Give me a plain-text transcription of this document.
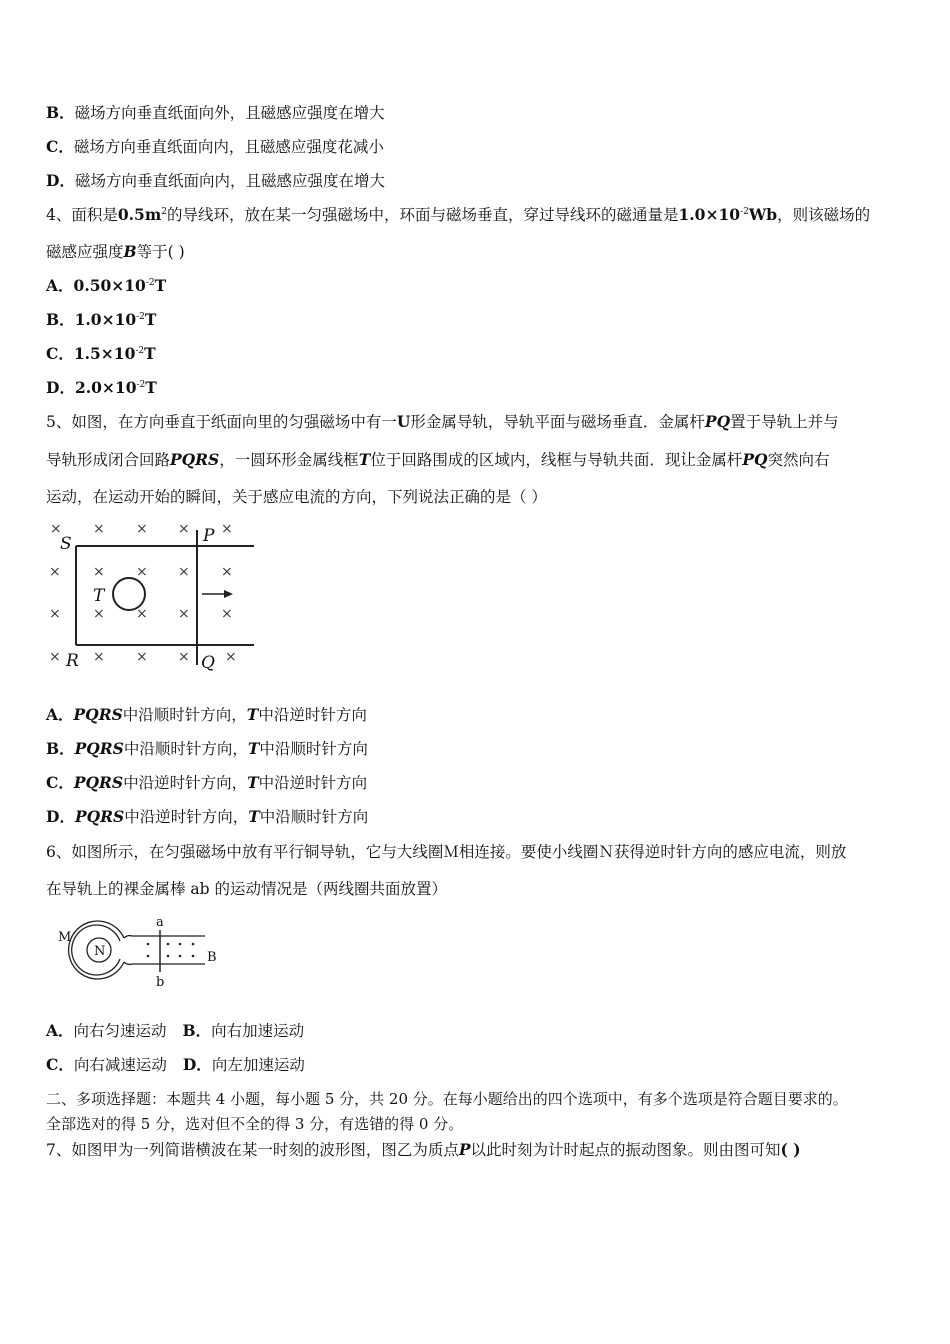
B．磁场方向垂直纸面向外，且磁感应强度在增大
C．磁场方向垂直纸面向内，且磁感应强度花减小
D．磁场方向垂直纸面向内，且磁感应强度在增大
4、面积是$0.5m^2$的导线环，放在某一匀强磁场中，环面与磁场垂直，穿过导线环的磁通量是$1.0\times 10^{-2}Wb$，则该磁场的
磁感应强度B等于( )
A．$0.50\times 10^{-2}T$
B．$1.0\times 10^{-2}T$
C．$1.5\times 10^{-2}T$
D．$2.0\times 10^{-2}T$
5、如图，在方向垂直于纸面向里的匀强磁场中有一U形金属导轨，导轨平面与磁场垂直．金属杆PQ置于导轨上并与
导轨形成闭合回路PQRS，一圆环形金属线框T位于回路围成的区域内，线框与导轨共面．现让金属杆PQ突然向右
运动，在运动开始的瞬间，关于感应电流的方向，下列说法正确的是（ ）
× × × × ×
× × × × ×
× × × × ×
× × × ×	×
S	P
T
R	Q
A．PQRS中沿顺时针方向，T中沿逆时针方向
B．PQRS中沿顺时针方向，T中沿顺时针方向
C．PQRS中沿逆时针方向，T中沿逆时针方向
D．PQRS中沿逆时针方向，T中沿顺时针方向
6、如图所示，在匀强磁场中放有平行铜导轨，它与大线圈Ｍ相连接。要使小线圈Ｎ获得逆时针方向的感应电流，则放
在导轨上的裸金属棒 ab 的运动情况是（两线圈共面放置）
M
N
a
b
B
A．向右匀速运动 B．向右加速运动
C．向右减速运动 D．向左加速运动
二、多项选择题：本题共 4 小题，每小题 5 分，共 20 分。在每小题给出的四个选项中，有多个选项是符合题目要求的。
全部选对的得 5 分，选对但不全的得 3 分，有选错的得 0 分。
7、如图甲为一列简谐横波在某一时刻的波形图，图乙为质点P以此时刻为计时起点的振动图象。则由图可知( )
